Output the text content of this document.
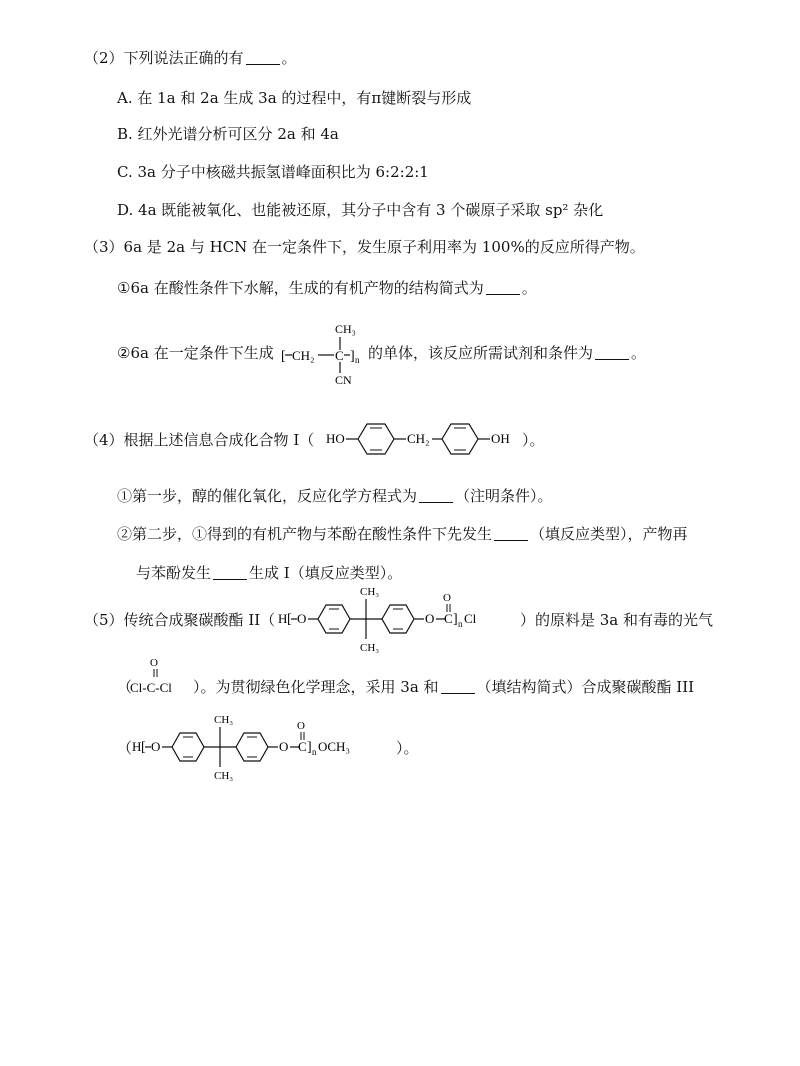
（2）下列说法正确的有	。
A. 在 1a 和 2a 生成 3a 的过程中，有π键断裂与形成
B. 红外光谱分析可区分 2a 和 4a
C. 3a 分子中核磁共振氢谱峰面积比为 6:2:2:1
D. 4a 既能被氧化、也能被还原，其分子中含有 3 个碳原子采取 sp² 杂化
（3）6a 是 2a 与 HCN 在一定条件下，发生原子利用率为 100%的反应所得产物。
①6a 在酸性条件下水解，生成的有机产物的结构简式为	。
②6a 在一定条件下生成
CH₃
[ CH₂ C ] n
CN
的单体，该反应所需试剂和条件为	。
（4）根据上述信息合成化合物 I（ HO	CH₂	OH ）。
①第一步，醇的催化氧化，反应化学方程式为	（注明条件）。
②第二步，①得到的有机产物与苯酚在酸性条件下先发生	（填反应类型），产物再
与苯酚发生	生成 I（填反应类型）。
（5）传统合成聚碳酸酯 II（ H [ O
CH₃
CH₃
O
O
C ] n Cl	）的原料是 3a 和有毒的光气
（
O
Cl-C-Cl ）。为贯彻绿色化学理念，采用 3a 和	（填结构简式）合成聚碳酸酯 III
（ H [ O
CH₃
CH₃
O
O
C ] n OCH₃	）。
